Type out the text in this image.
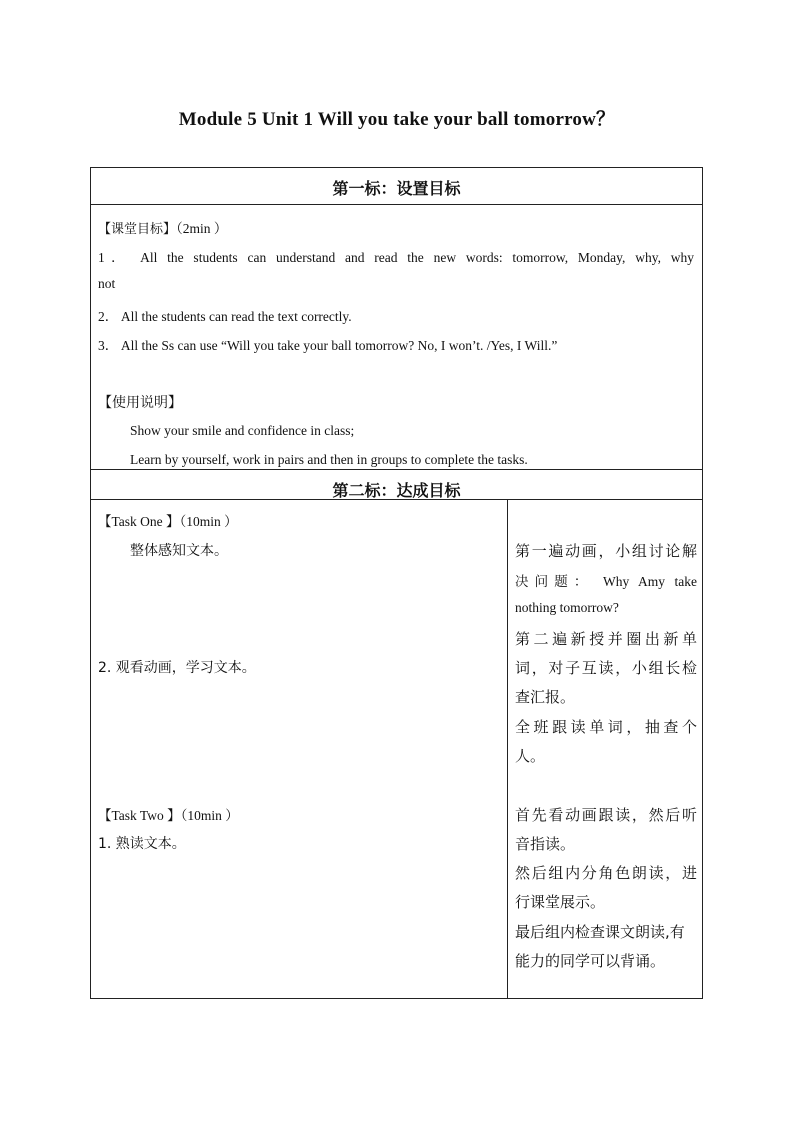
Module 5 Unit 1 Will you take your ball tomorrow？
第一标：设置目标
【课堂目标】（2min ）
1． All the students can understand and read the new words: tomorrow, Monday, why, why
not
2． All the students can read the text correctly.
3． All the Ss can use “Will you take your ball tomorrow? No, I won’t. /Yes, I Will.”
【使用说明】
Show your smile and confidence in class;
Learn by yourself, work in pairs and then in groups to complete the tasks.
第二标：达成目标
【Task One 】（10min ）
整体感知文本。
2. 观看动画，学习文本。
第一遍动画，小组讨论解
决问题： Why Amy take
nothing tomorrow?
第二遍新授并圈出新单
词，对子互读，小组长检
查汇报。
全班跟读单词，抽查个
人。
【Task Two 】（10min ）
1. 熟读文本。
首先看动画跟读，然后听
音指读。
然后组内分角色朗读，进
行课堂展示。
最后组内检查课文朗读,有
能力的同学可以背诵。
